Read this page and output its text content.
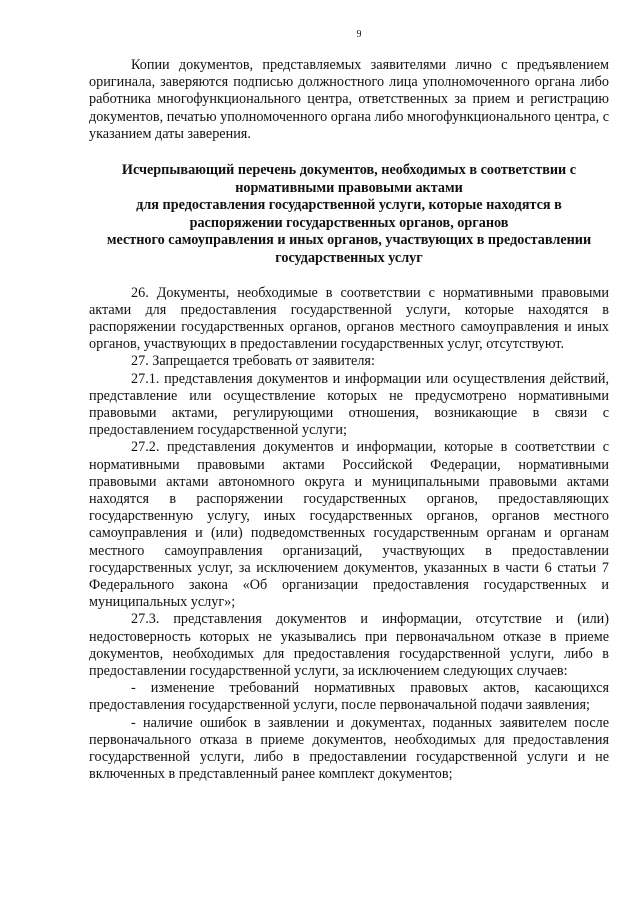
9

Копии документов, представляемых заявителями лично с предъявлением оригинала, заверяются подписью должностного лица уполномоченного органа либо работника многофункционального центра, ответственных за прием и регистрацию документов, печатью уполномоченного органа либо многофункционального центра, с указанием даты заверения.

Исчерпывающий перечень документов, необходимых в соответствии с нормативными правовыми актами
для предоставления государственной услуги, которые находятся в распоряжении государственных органов, органов
местного самоуправления и иных органов, участвующих в предоставлении государственных услуг

26. Документы, необходимые в соответствии с нормативными правовыми актами для предоставления государственной услуги, которые находятся в распоряжении государственных органов, органов местного самоуправления и иных органов, участвующих в предоставлении государственных услуг, отсутствуют.

27. Запрещается требовать от заявителя:

27.1. представления документов и информации или осуществления действий, представление или осуществление которых не предусмотрено нормативными правовыми актами, регулирующими отношения, возникающие в связи с предоставлением государственной услуги;

27.2. представления документов и информации, которые в соответствии с нормативными правовыми актами Российской Федерации, нормативными правовыми актами автономного округа и муниципальными правовыми актами находятся в распоряжении государственных органов, предоставляющих государственную услугу, иных государственных органов, органов местного самоуправления и (или) подведомственных государственным органам и органам местного самоуправления организаций, участвующих в предоставлении государственных услуг, за исключением документов, указанных в части 6 статьи 7 Федерального закона «Об организации предоставления государственных и муниципальных услуг»;

27.3. представления документов и информации, отсутствие и (или) недостоверность которых не указывались при первоначальном отказе в приеме документов, необходимых для предоставления государственной услуги, либо в предоставлении государственной услуги, за исключением следующих случаев:

- изменение требований нормативных правовых актов, касающихся предоставления государственной услуги, после первоначальной подачи заявления;

- наличие ошибок в заявлении и документах, поданных заявителем после первоначального отказа в приеме документов, необходимых для предоставления государственной услуги, либо в предоставлении государственной услуги и не включенных в представленный ранее комплект документов;
